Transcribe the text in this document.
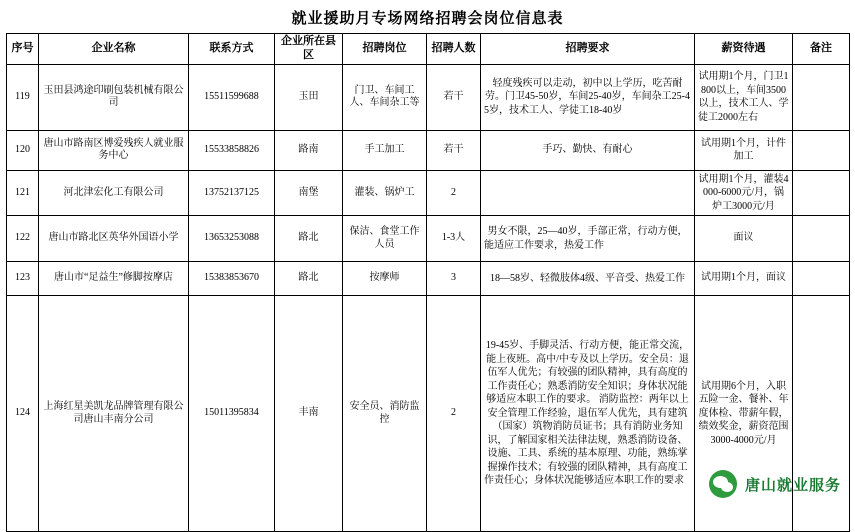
就业援助月专场网络招聘会岗位信息表
序号	企业名称	联系方式	企业所在县区	招聘岗位	招聘人数	招聘要求	薪资待遇	备注
119	玉田县鸿途印刷包装机械有限公司	15511599688	玉田	门卫、车间工人、车间杂工等	若干	轻度残疾可以走动，初中以上学历，吃苦耐劳。门卫45-50岁，车间25-40岁，车间杂工25-45岁，技术工人、学徒工18-40岁	试用期1个月，门卫1800以上，车间3500以上，技术工人、学徒工2000左右	
120	唐山市路南区博爱残疾人就业服务中心	15533858826	路南	手工加工	若干	手巧、勤快、有耐心	试用期1个月，计件加工	
121	河北津宏化工有限公司	13752137125	南堡	灌装、锅炉工	2		试用期1个月，灌装4000-6000元/月，锅炉工3000元/月	
122	唐山市路北区英华外国语小学	13653253088	路北	保洁、食堂工作人员	1-3人	男女不限，25—40岁，手部正常，行动方便，能适应工作要求，热爱工作	面议	
123	唐山市“足益生”修脚按摩店	15383853670	路北	按摩师	3	18—58岁、轻微肢体4级、平音受、热爱工作	试用期1个月，面议	
124	上海红星美凯龙品牌管理有限公司唐山丰南分公司	15011395834	丰南	安全员、消防监控	2	19-45岁、手脚灵活、行动方便，能正常交流，能上夜班。高中/中专及以上学历。安全员：退伍军人优先；有较强的团队精神，具有高度的工作责任心；熟悉消防安全知识；身体状况能够适应本职工作的要求。 消防监控：两年以上安全管理工作经验，退伍军人优先，具有建筑（国家）筑物消防员证书；具有消防业务知识，了解国家相关法律法规，熟悉消防设备、设施、工具、系统的基本原理、功能，熟练掌握操作技术；有较强的团队精神，具有高度工作责任心；身体状况能够适应本职工作的要求	试用期6个月，入职五险一金、餐补、年度体检、带薪年假，绩效奖金，薪资范围3000-4000元/月	
唐山就业服务
